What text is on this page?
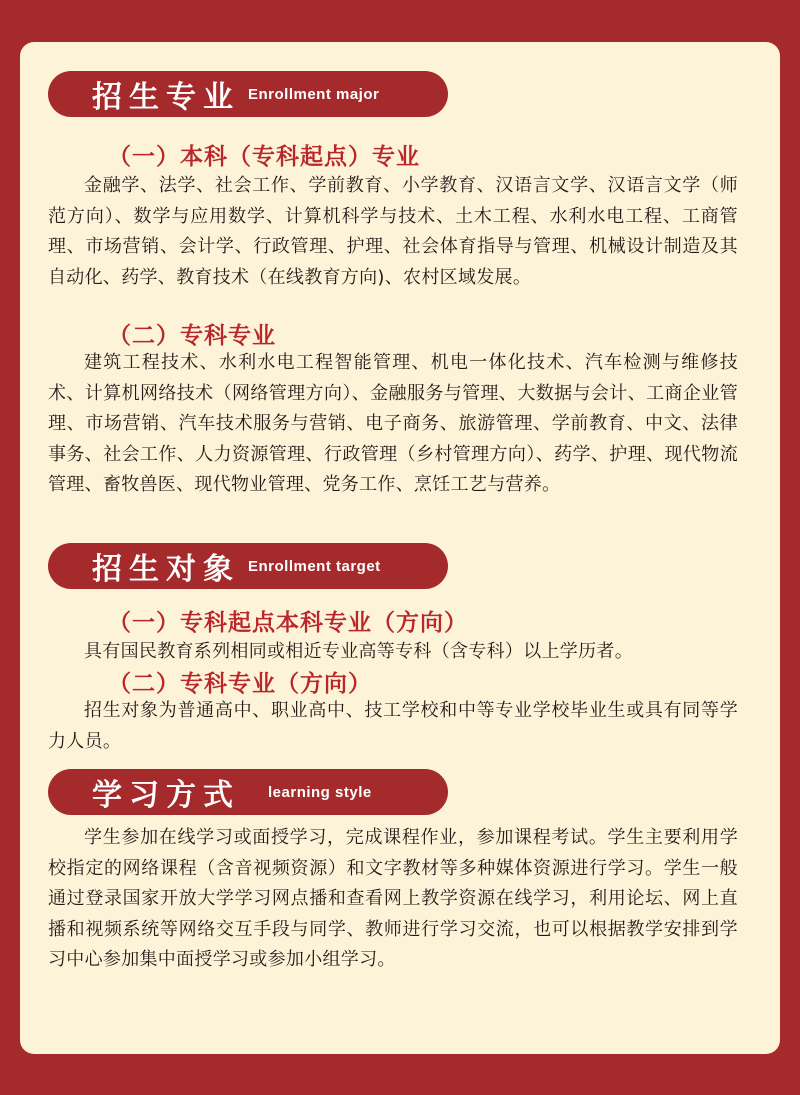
招生专业 Enrollment major

（一）本科（专科起点）专业

金融学、法学、社会工作、学前教育、小学教育、汉语言文学、汉语言文学（师范方向）、数学与应用数学、计算机科学与技术、土木工程、水利水电工程、工商管理、市场营销、会计学、行政管理、护理、社会体育指导与管理、机械设计制造及其自动化、药学、教育技术（在线教育方向)、农村区域发展。

（二）专科专业

建筑工程技术、水利水电工程智能管理、机电一体化技术、汽车检测与维修技术、计算机网络技术（网络管理方向）、金融服务与管理、大数据与会计、工商企业管理、市场营销、汽车技术服务与营销、电子商务、旅游管理、学前教育、中文、法律事务、社会工作、人力资源管理、行政管理（乡村管理方向）、药学、护理、现代物流管理、畜牧兽医、现代物业管理、党务工作、烹饪工艺与营养。

招生对象 Enrollment target

（一）专科起点本科专业（方向）

具有国民教育系列相同或相近专业高等专科（含专科）以上学历者。

（二）专科专业（方向）

招生对象为普通高中、职业高中、技工学校和中等专业学校毕业生或具有同等学力人员。

学习方式 learning style

学生参加在线学习或面授学习，完成课程作业，参加课程考试。学生主要利用学校指定的网络课程（含音视频资源）和文字教材等多种媒体资源进行学习。学生一般通过登录国家开放大学学习网点播和查看网上教学资源在线学习，利用论坛、网上直播和视频系统等网络交互手段与同学、教师进行学习交流，也可以根据教学安排到学习中心参加集中面授学习或参加小组学习。
